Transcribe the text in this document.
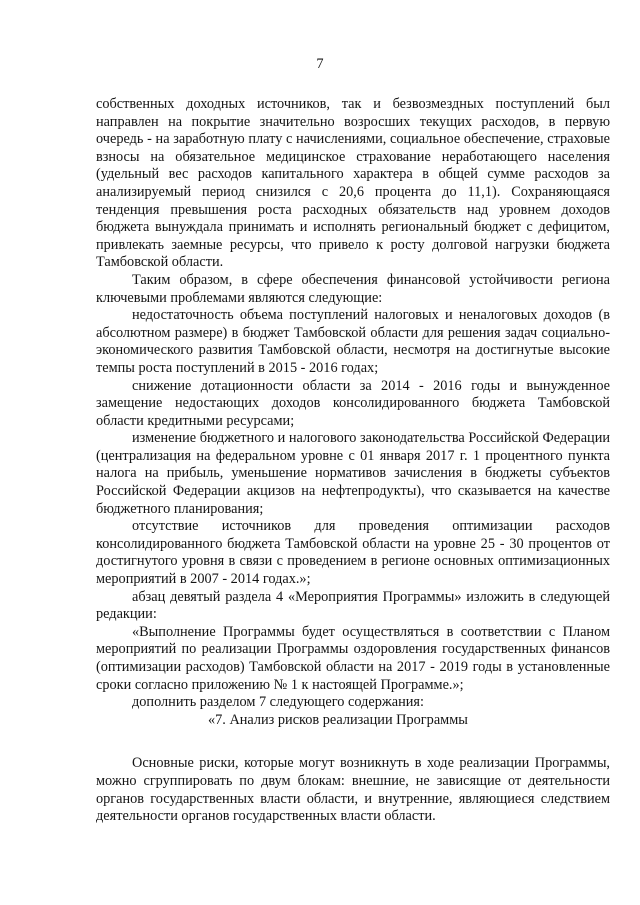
7

собственных доходных источников, так и безвозмездных поступлений был направлен на покрытие значительно возросших текущих расходов, в первую очередь - на заработную плату с начислениями, социальное обеспечение, страховые взносы на обязательное медицинское страхование неработающего населения (удельный вес расходов капитального характера в общей сумме расходов за анализируемый период снизился с 20,6 процента до 11,1). Сохраняющаяся тенденция превышения роста расходных обязательств над уровнем доходов бюджета вынуждала принимать и исполнять региональный бюджет с дефицитом, привлекать заемные ресурсы, что привело к росту долговой нагрузки бюджета Тамбовской области.

Таким образом, в сфере обеспечения финансовой устойчивости региона ключевыми проблемами являются следующие:

недостаточность объема поступлений налоговых и неналоговых доходов (в абсолютном размере) в бюджет Тамбовской области для решения задач социально-экономического развития Тамбовской области, несмотря на достигнутые высокие темпы роста поступлений в 2015 - 2016 годах;

снижение дотационности области за 2014 - 2016 годы и вынужденное замещение недостающих доходов консолидированного бюджета Тамбовской области кредитными ресурсами;

изменение бюджетного и налогового законодательства Российской Федерации (централизация на федеральном уровне с 01 января 2017 г. 1 процентного пункта налога на прибыль, уменьшение нормативов зачисления в бюджеты субъектов Российской Федерации акцизов на нефтепродукты), что сказывается на качестве бюджетного планирования;

отсутствие источников для проведения оптимизации расходов консолидированного бюджета Тамбовской области на уровне 25 - 30 процентов от достигнутого уровня в связи с проведением в регионе основных оптимизационных мероприятий в 2007 - 2014 годах.»;

абзац девятый раздела 4 «Мероприятия Программы» изложить в следующей редакции:

«Выполнение Программы будет осуществляться в соответствии с Планом мероприятий по реализации Программы оздоровления государственных финансов (оптимизации расходов) Тамбовской области на 2017 - 2019 годы в установленные сроки согласно приложению № 1 к настоящей Программе.»;

дополнить разделом 7 следующего содержания:

«7. Анализ рисков реализации Программы

Основные риски, которые могут возникнуть в ходе реализации Программы, можно сгруппировать по двум блокам: внешние, не зависящие от деятельности органов государственных власти области, и внутренние, являющиеся следствием деятельности органов государственных власти области.
